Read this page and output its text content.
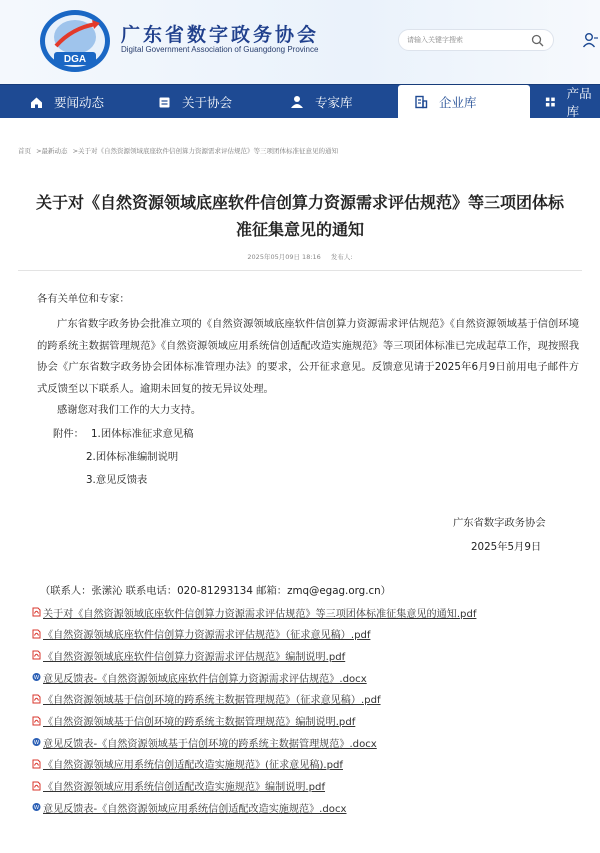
DGA
广东省数字政务协会
Digital Government Association of Guangdong Province
请输入关键字搜索
要闻动态	关于协会	专家库	企业库
产品库
首页 >最新动态 >关于对《自然资源领域底座软件信创算力资源需求评估规范》等三项团体标准征意见的通知
关于对《自然资源领域底座软件信创算力资源需求评估规范》等三项团体标
准征集意见的通知
2025年05月09日 18:16 发布人:
各有关单位和专家：
广东省数字政务协会批准立项的《自然资源领域底座软件信创算力资源需求评估规范》《自然资源领域基于信创环境的跨系统主数据管理规范》《自然资源领域应用系统信创适配改造实施规范》等三项团体标准已完成起草工作，现按照我协会《广东省数字政务协会团体标准管理办法》的要求，公开征求意见。反馈意见请于2025年6月9日前用电子邮件方式反馈至以下联系人。逾期未回复的按无异议处理。
感谢您对我们工作的大力支持。
附件： 1.团体标准征求意见稿
2.团体标准编制说明
3.意见反馈表
广东省数字政务协会
2025年5月9日
（联系人：张潆沁 联系电话：020-81293134 邮箱：zmq@egag.org.cn）
关于对《自然资源领域底座软件信创算力资源需求评估规范》等三项团体标准征集意见的通知.pdf
《自然资源领域底座软件信创算力资源需求评估规范》（征求意见稿）.pdf
《自然资源领域底座软件信创算力资源需求评估规范》编制说明.pdf
W 意见反馈表-《自然资源领域底座软件信创算力资源需求评估规范》.docx
《自然资源领域基于信创环境的跨系统主数据管理规范》（征求意见稿）.pdf
《自然资源领域基于信创环境的跨系统主数据管理规范》编制说明.pdf
W 意见反馈表-《自然资源领域基于信创环境的跨系统主数据管理规范》.docx
《自然资源领域应用系统信创适配改造实施规范》(征求意见稿).pdf
《自然资源领域应用系统信创适配改造实施规范》编制说明.pdf
W 意见反馈表-《自然资源领域应用系统信创适配改造实施规范》.docx
